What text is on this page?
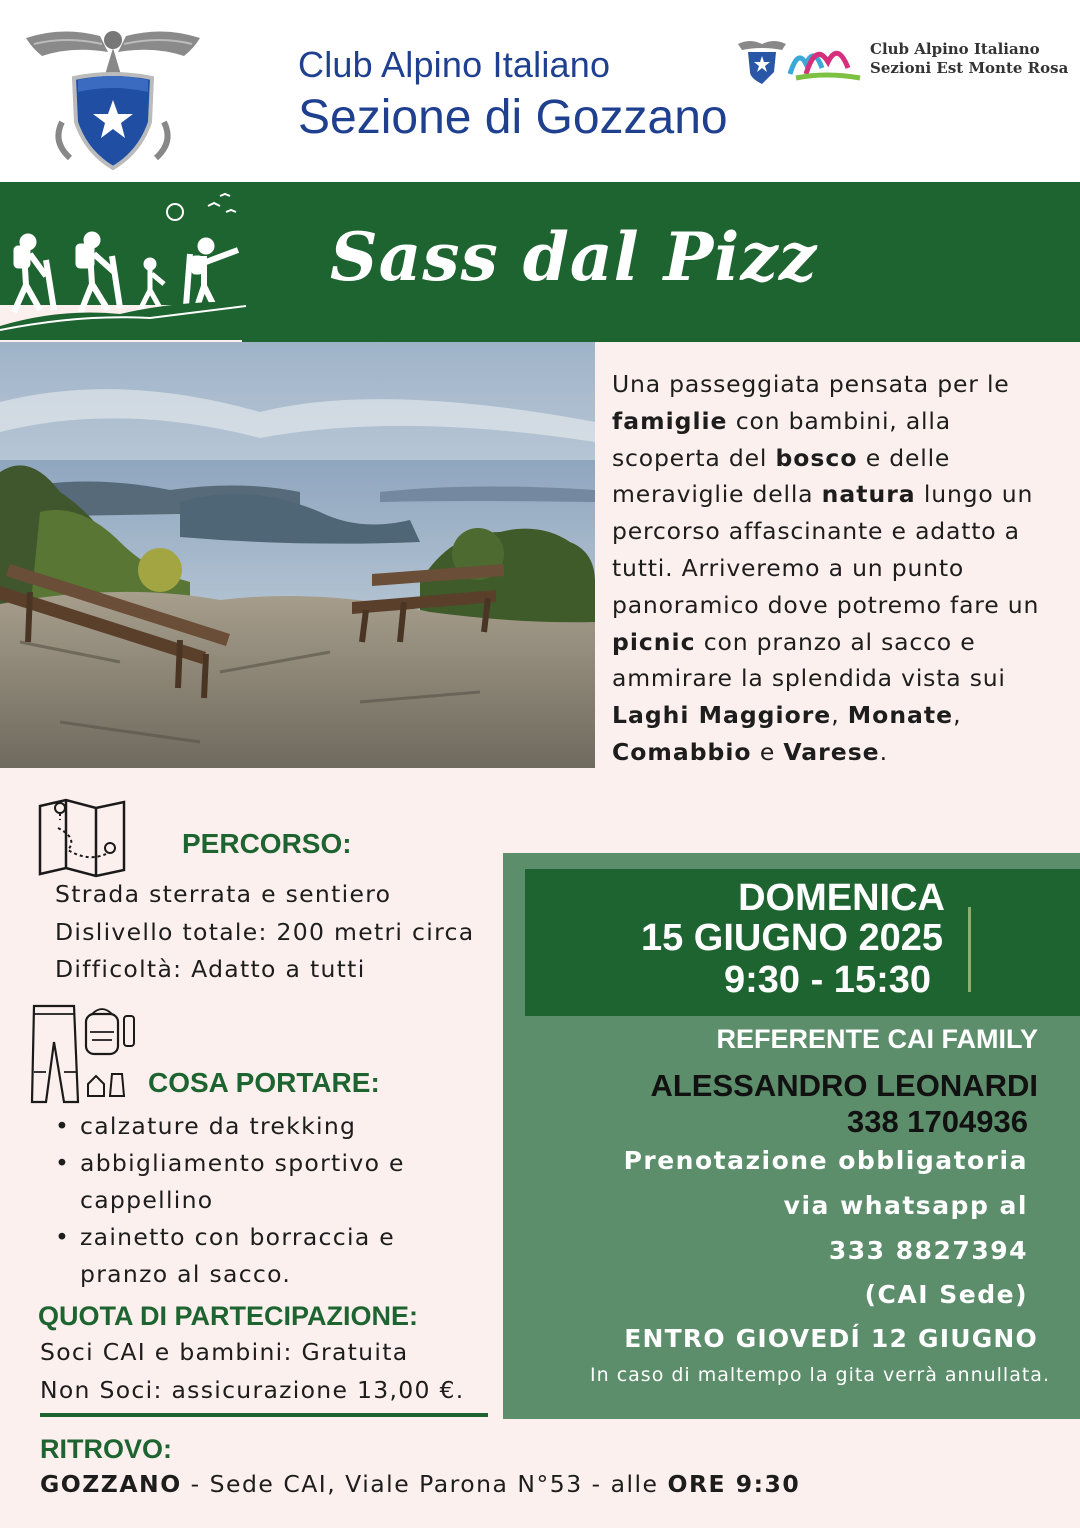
Club Alpino Italiano
Sezione di Gozzano
Club Alpino Italiano
Sezioni Est Monte Rosa
Sass dal Pizz
Una passeggiata pensata per le famiglie con bambini, alla scoperta del bosco e delle meraviglie della natura lungo un percorso affascinante e adatto a tutti. Arriveremo a un punto panoramico dove potremo fare un picnic con pranzo al sacco e ammirare la splendida vista sui Laghi Maggiore, Monate, Comabbio e Varese.
PERCORSO:
Strada sterrata e sentiero
Dislivello totale: 200 metri circa
Difficoltà: Adatto a tutti
COSA PORTARE:
• calzature da trekking
• abbigliamento sportivo e cappellino
• zainetto con borraccia e pranzo al sacco.
QUOTA DI PARTECIPAZIONE:
Soci CAI e bambini: Gratuita
Non Soci: assicurazione 13,00 €.
RITROVO:
GOZZANO - Sede CAI, Viale Parona N°53 - alle ORE 9:30
DOMENICA
15 GIUGNO 2025
9:30 - 15:30
REFERENTE CAI FAMILY
ALESSANDRO LEONARDI
338 1704936
Prenotazione obbligatoria
via whatsapp al
333 8827394
(CAI Sede)
ENTRO GIOVEDÍ 12 GIUGNO
In caso di maltempo la gita verrà annullata.
